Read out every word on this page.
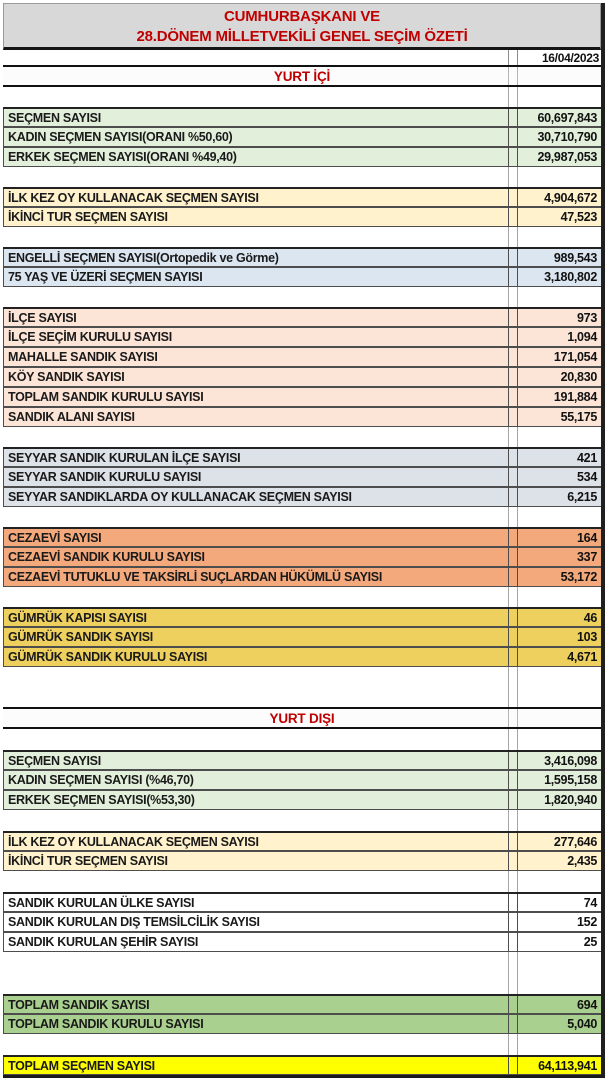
CUMHURBAŞKANI VE
28.DÖNEM MİLLETVEKİLİ GENEL SEÇİM ÖZETİ
16/04/2023
YURT İÇİ
SEÇMEN SAYISI	60,697,843
KADIN SEÇMEN SAYISI(ORANI %50,60)	30,710,790
ERKEK SEÇMEN SAYISI(ORANI %49,40)	29,987,053
İLK KEZ OY KULLANACAK SEÇMEN SAYISI	4,904,672
İKİNCİ TUR SEÇMEN SAYISI	47,523
ENGELLİ SEÇMEN SAYISI(Ortopedik ve Görme)	989,543
75 YAŞ VE ÜZERİ SEÇMEN SAYISI	3,180,802
İLÇE SAYISI	973
İLÇE SEÇİM KURULU SAYISI	1,094
MAHALLE SANDIK SAYISI	171,054
KÖY SANDIK SAYISI	20,830
TOPLAM SANDIK KURULU SAYISI	191,884
SANDIK ALANI SAYISI	55,175
SEYYAR SANDIK KURULAN İLÇE SAYISI	421
SEYYAR SANDIK KURULU SAYISI	534
SEYYAR SANDIKLARDA OY KULLANACAK SEÇMEN SAYISI	6,215
CEZAEVİ SAYISI	164
CEZAEVİ SANDIK KURULU SAYISI	337
CEZAEVİ TUTUKLU VE TAKSİRLİ SUÇLARDAN HÜKÜMLÜ SAYISI	53,172
GÜMRÜK KAPISI SAYISI	46
GÜMRÜK SANDIK SAYISI	103
GÜMRÜK SANDIK KURULU SAYISI	4,671
YURT DIŞI
SEÇMEN SAYISI	3,416,098
KADIN SEÇMEN SAYISI (%46,70)	1,595,158
ERKEK SEÇMEN SAYISI(%53,30)	1,820,940
İLK KEZ OY KULLANACAK SEÇMEN SAYISI	277,646
İKİNCİ TUR SEÇMEN SAYISI	2,435
SANDIK KURULAN ÜLKE SAYISI	74
SANDIK KURULAN DIŞ TEMSİLCİLİK SAYISI	152
SANDIK KURULAN ŞEHİR SAYISI	25
TOPLAM SANDIK SAYISI	694
TOPLAM SANDIK KURULU SAYISI	5,040
TOPLAM SEÇMEN SAYISI	64,113,941
